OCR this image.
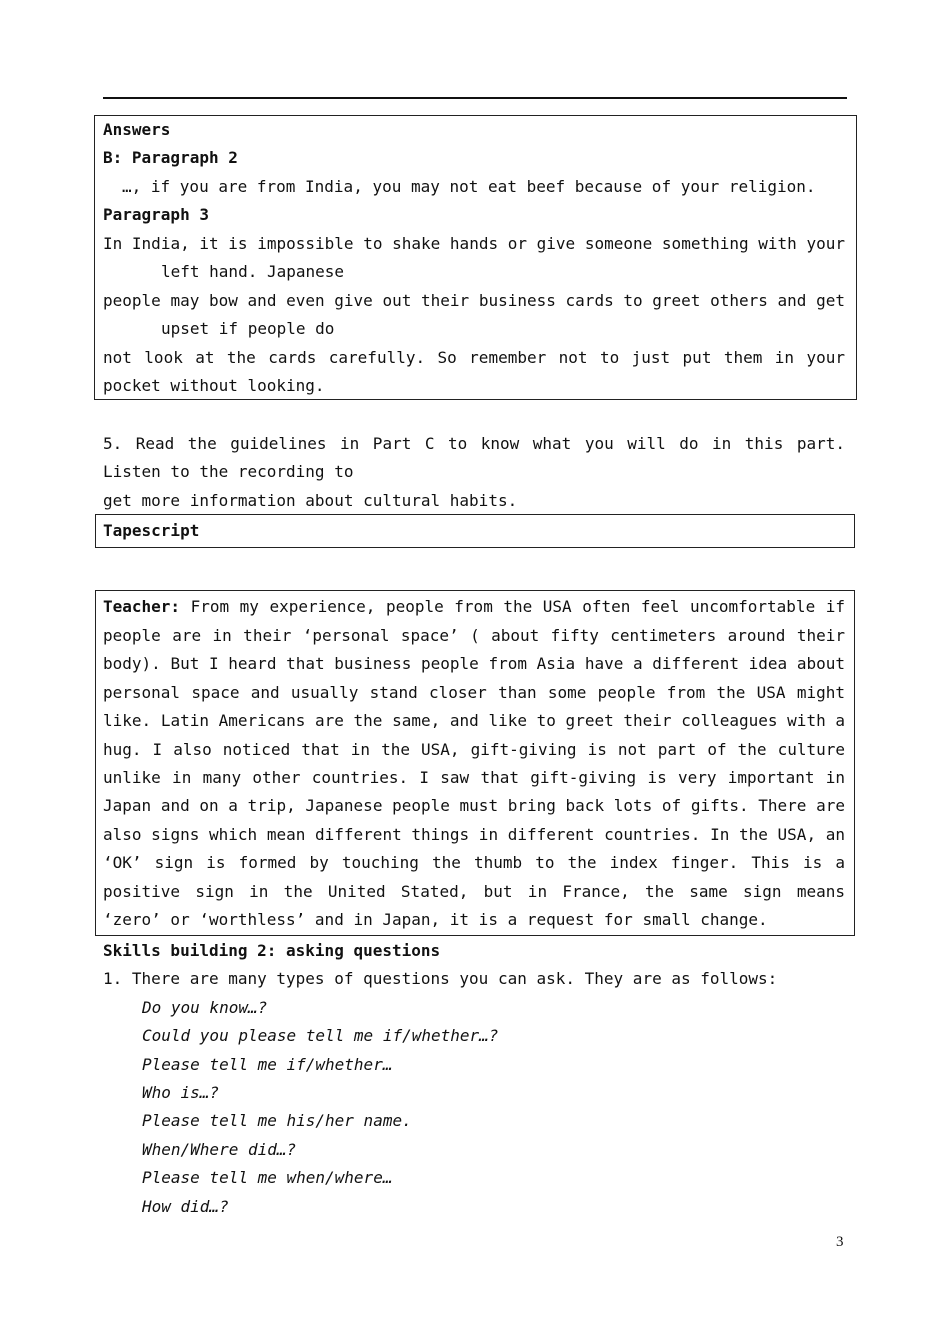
Answers
B: Paragraph 2
…, if you are from India, you may not eat beef because of your religion.
Paragraph 3
In India, it is impossible to shake hands or give someone something with your
left hand. Japanese
people may bow and even give out their business cards to greet others and get
upset if people do
not look at the cards carefully. So remember not to just put them in your
pocket without looking.
5. Read the guidelines in Part C to know what you will do in this part.
Listen to the recording to
get more information about cultural habits.
Tapescript
Teacher: From my experience, people from the USA often feel uncomfortable if
people are in their ‘personal space’ ( about fifty centimeters around their
body). But I heard that business people from Asia have a different idea about
personal space and usually stand closer than some people from the USA might
like. Latin Americans are the same, and like to greet their colleagues with a
hug. I also noticed that in the USA, gift-giving is not part of the culture
unlike in many other countries. I saw that gift-giving is very important in
Japan and on a trip, Japanese people must bring back lots of gifts. There are
also signs which mean different things in different countries. In the USA, an
‘OK’ sign is formed by touching the thumb to the index finger. This is a
positive sign in the United Stated, but in France, the same sign means
‘zero’ or ‘worthless’ and in Japan, it is a request for small change.
Skills building 2: asking questions
1. There are many types of questions you can ask. They are as follows:
Do you know…?
Could you please tell me if/whether…?
Please tell me if/whether…
Who is…?
Please tell me his/her name.
When/Where did…?
Please tell me when/where…
How did…?
3
